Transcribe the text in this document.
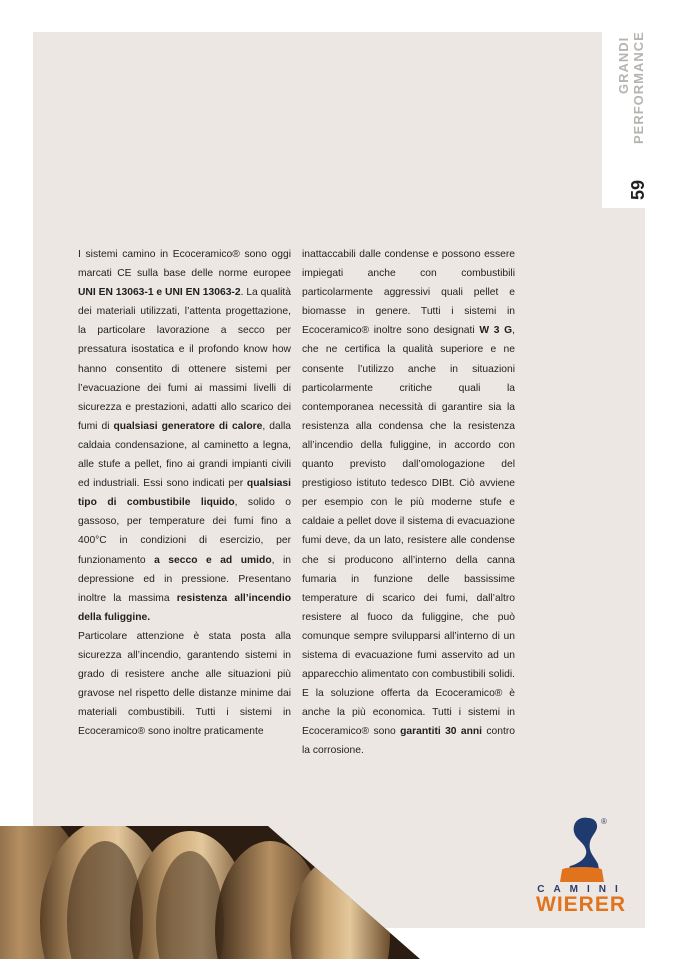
GRANDI PERFORMANCE
59

I sistemi camino in Ecoceramico® sono oggi marcati CE sulla base delle norme europee UNI EN 13063-1 e UNI EN 13063-2. La qualità dei materiali utilizzati, l’attenta progettazione, la particolare lavorazione a secco per pressatura isostatica e il profondo know how hanno consentito di ottenere sistemi per l’evacuazione dei fumi ai massimi livelli di sicurezza e prestazioni, adatti allo scarico dei fumi di qualsiasi generatore di calore, dalla caldaia condensazione, al caminetto a legna, alle stufe a pellet, fino ai grandi impianti civili ed industriali. Essi sono indicati per qualsiasi tipo di combustibile liquido, solido o gassoso, per temperature dei fumi fino a 400°C in condizioni di esercizio, per funzionamento a secco e ad umido, in depressione ed in pressione. Presentano inoltre la massima resistenza all’incendio della fuliggine.

Particolare attenzione è stata posta alla sicurezza all’incendio, garantendo sistemi in grado di resistere anche alle situazioni più gravose nel rispetto delle distanze minime dai materiali combustibili. Tutti i sistemi in Ecoceramico® sono inoltre praticamente

inattaccabili dalle condense e possono essere impiegati anche con combustibili particolarmente aggressivi quali pellet e biomasse in genere. Tutti i sistemi in Ecoceramico® inoltre sono designati W 3 G, che ne certifica la qualità superiore e ne consente l’utilizzo anche in situazioni particolarmente critiche quali la contemporanea necessità di garantire sia la resistenza alla condensa che la resistenza all’incendio della fuliggine, in accordo con quanto previsto dall’omologazione del prestigioso istituto tedesco DIBt. Ciò avviene per esempio con le più moderne stufe e caldaie a pellet dove il sistema di evacuazione fumi deve, da un lato, resistere alle condense che si producono all’interno della canna fumaria in funzione delle bassissime temperature di scarico dei fumi, dall’altro resistere al fuoco da fuliggine, che può comunque sempre svilupparsi all’interno di un sistema di evacuazione fumi asservito ad un apparecchio alimentato con combustibili solidi. E la soluzione offerta da Ecoceramico® è anche la più economica. Tutti i sistemi in Ecoceramico® sono garantiti 30 anni contro la corrosione.

®
CAMINI
WIERER
